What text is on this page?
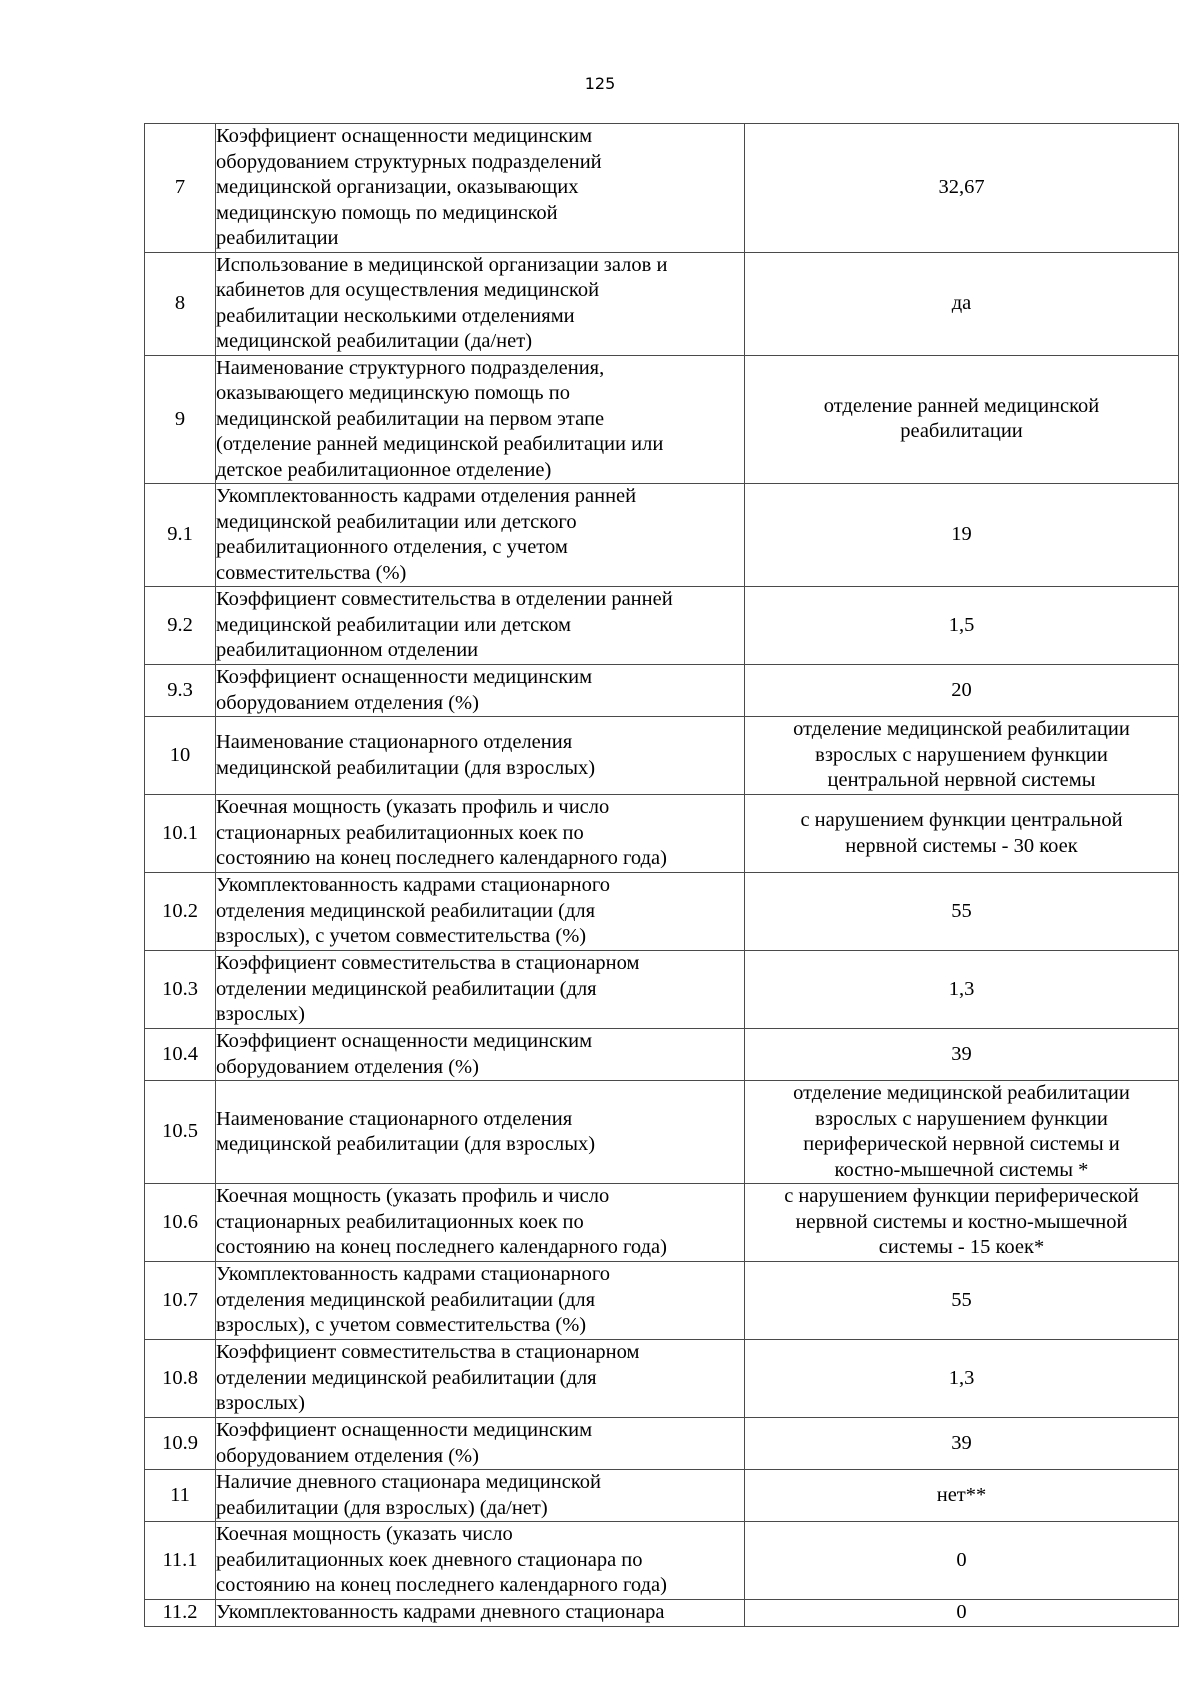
125
7	Коэффициент оснащенности медицинским
оборудованием структурных подразделений
медицинской организации, оказывающих
медицинскую помощь по медицинской
реабилитации	32,67

8	Использование в медицинской организации залов и
кабинетов для осуществления медицинской
реабилитации несколькими отделениями
медицинской реабилитации (да/нет)	да

9	Наименование структурного подразделения,
оказывающего медицинскую помощь по
медицинской реабилитации на первом этапе
(отделение ранней медицинской реабилитации или
детское реабилитационное отделение)	отделение ранней медицинской
реабилитации

9.1	Укомплектованность кадрами отделения ранней
медицинской реабилитации или детского
реабилитационного отделения, с учетом
совместительства (%)	19

9.2	Коэффициент совместительства в отделении ранней
медицинской реабилитации или детском
реабилитационном отделении	1,5

9.3	Коэффициент оснащенности медицинским
оборудованием отделения (%)	20

10	Наименование стационарного отделения
медицинской реабилитации (для взрослых)	отделение медицинской реабилитации
взрослых с нарушением функции
центральной нервной системы

10.1	Коечная мощность (указать профиль и число
стационарных реабилитационных коек по
состоянию на конец последнего календарного года)	с нарушением функции центральной
нервной системы - 30 коек

10.2	Укомплектованность кадрами стационарного
отделения медицинской реабилитации (для
взрослых), с учетом совместительства (%)	55

10.3	Коэффициент совместительства в стационарном
отделении медицинской реабилитации (для
взрослых)	1,3

10.4	Коэффициент оснащенности медицинским
оборудованием отделения (%)	39

10.5	Наименование стационарного отделения
медицинской реабилитации (для взрослых)	отделение медицинской реабилитации
взрослых с нарушением функции
периферической нервной системы и
костно-мышечной системы *

10.6	Коечная мощность (указать профиль и число
стационарных реабилитационных коек по
состоянию на конец последнего календарного года)	с нарушением функции периферической
нервной системы и костно-мышечной
системы - 15 коек*

10.7	Укомплектованность кадрами стационарного
отделения медицинской реабилитации (для
взрослых), с учетом совместительства (%)	55

10.8	Коэффициент совместительства в стационарном
отделении медицинской реабилитации (для
взрослых)	1,3

10.9	Коэффициент оснащенности медицинским
оборудованием отделения (%)	39

11	Наличие дневного стационара медицинской
реабилитации (для взрослых) (да/нет)	нет**

11.1	Коечная мощность (указать число
реабилитационных коек дневного стационара по
состоянию на конец последнего календарного года)	0

11.2	Укомплектованность кадрами дневного стационара	0
